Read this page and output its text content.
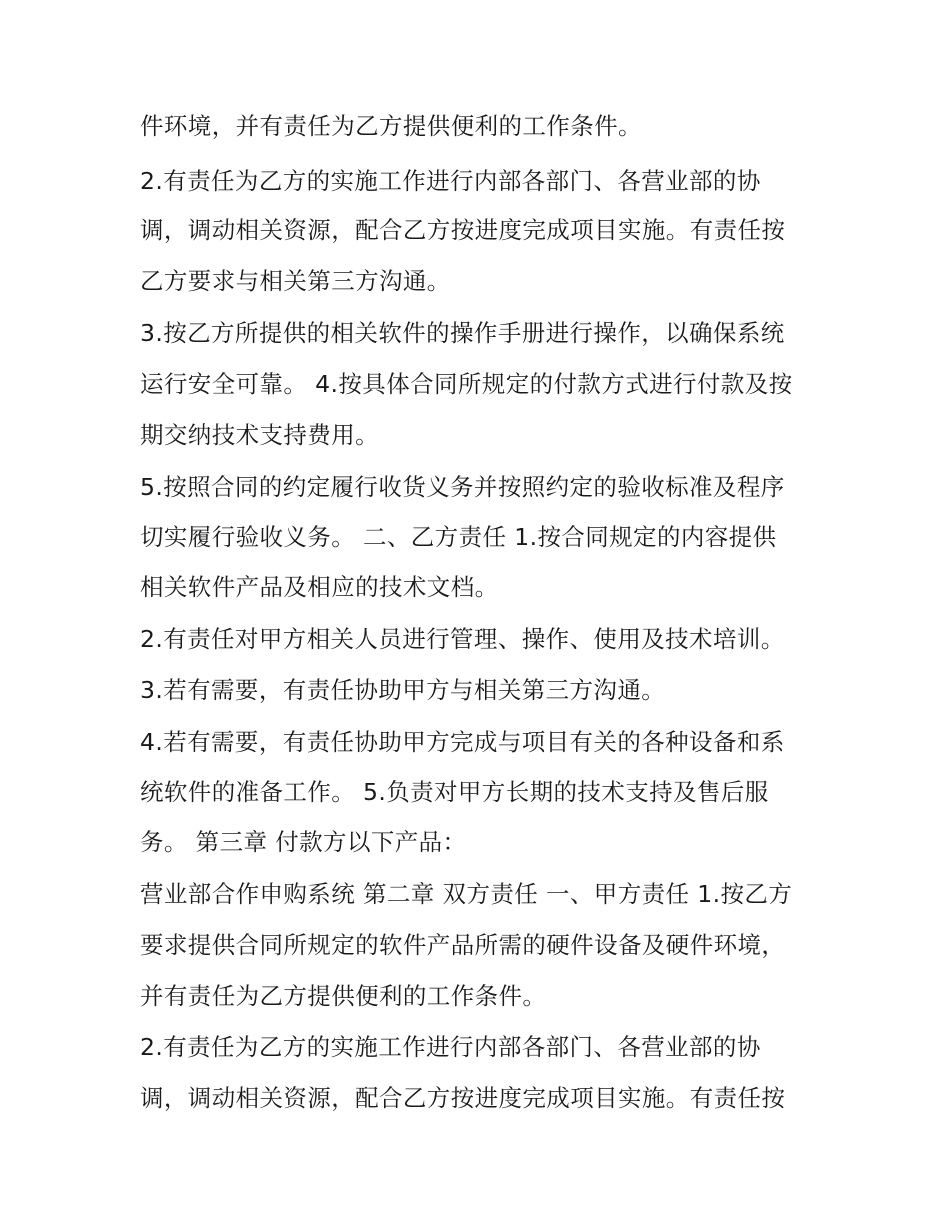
件环境，并有责任为乙方提供便利的工作条件。
2.有责任为乙方的实施工作进行内部各部门、各营业部的协
调，调动相关资源，配合乙方按进度完成项目实施。有责任按
乙方要求与相关第三方沟通。
3.按乙方所提供的相关软件的操作手册进行操作，以确保系统
运行安全可靠。 4.按具体合同所规定的付款方式进行付款及按
期交纳技术支持费用。
5.按照合同的约定履行收货义务并按照约定的验收标准及程序
切实履行验收义务。 二、乙方责任 1.按合同规定的内容提供
相关软件产品及相应的技术文档。
2.有责任对甲方相关人员进行管理、操作、使用及技术培训。
3.若有需要，有责任协助甲方与相关第三方沟通。
4.若有需要，有责任协助甲方完成与项目有关的各种设备和系
统软件的准备工作。 5.负责对甲方长期的技术支持及售后服
务。 第三章 付款方以下产品：
营业部合作申购系统 第二章 双方责任 一、甲方责任 1.按乙方
要求提供合同所规定的软件产品所需的硬件设备及硬件环境，
并有责任为乙方提供便利的工作条件。
2.有责任为乙方的实施工作进行内部各部门、各营业部的协
调，调动相关资源，配合乙方按进度完成项目实施。有责任按
